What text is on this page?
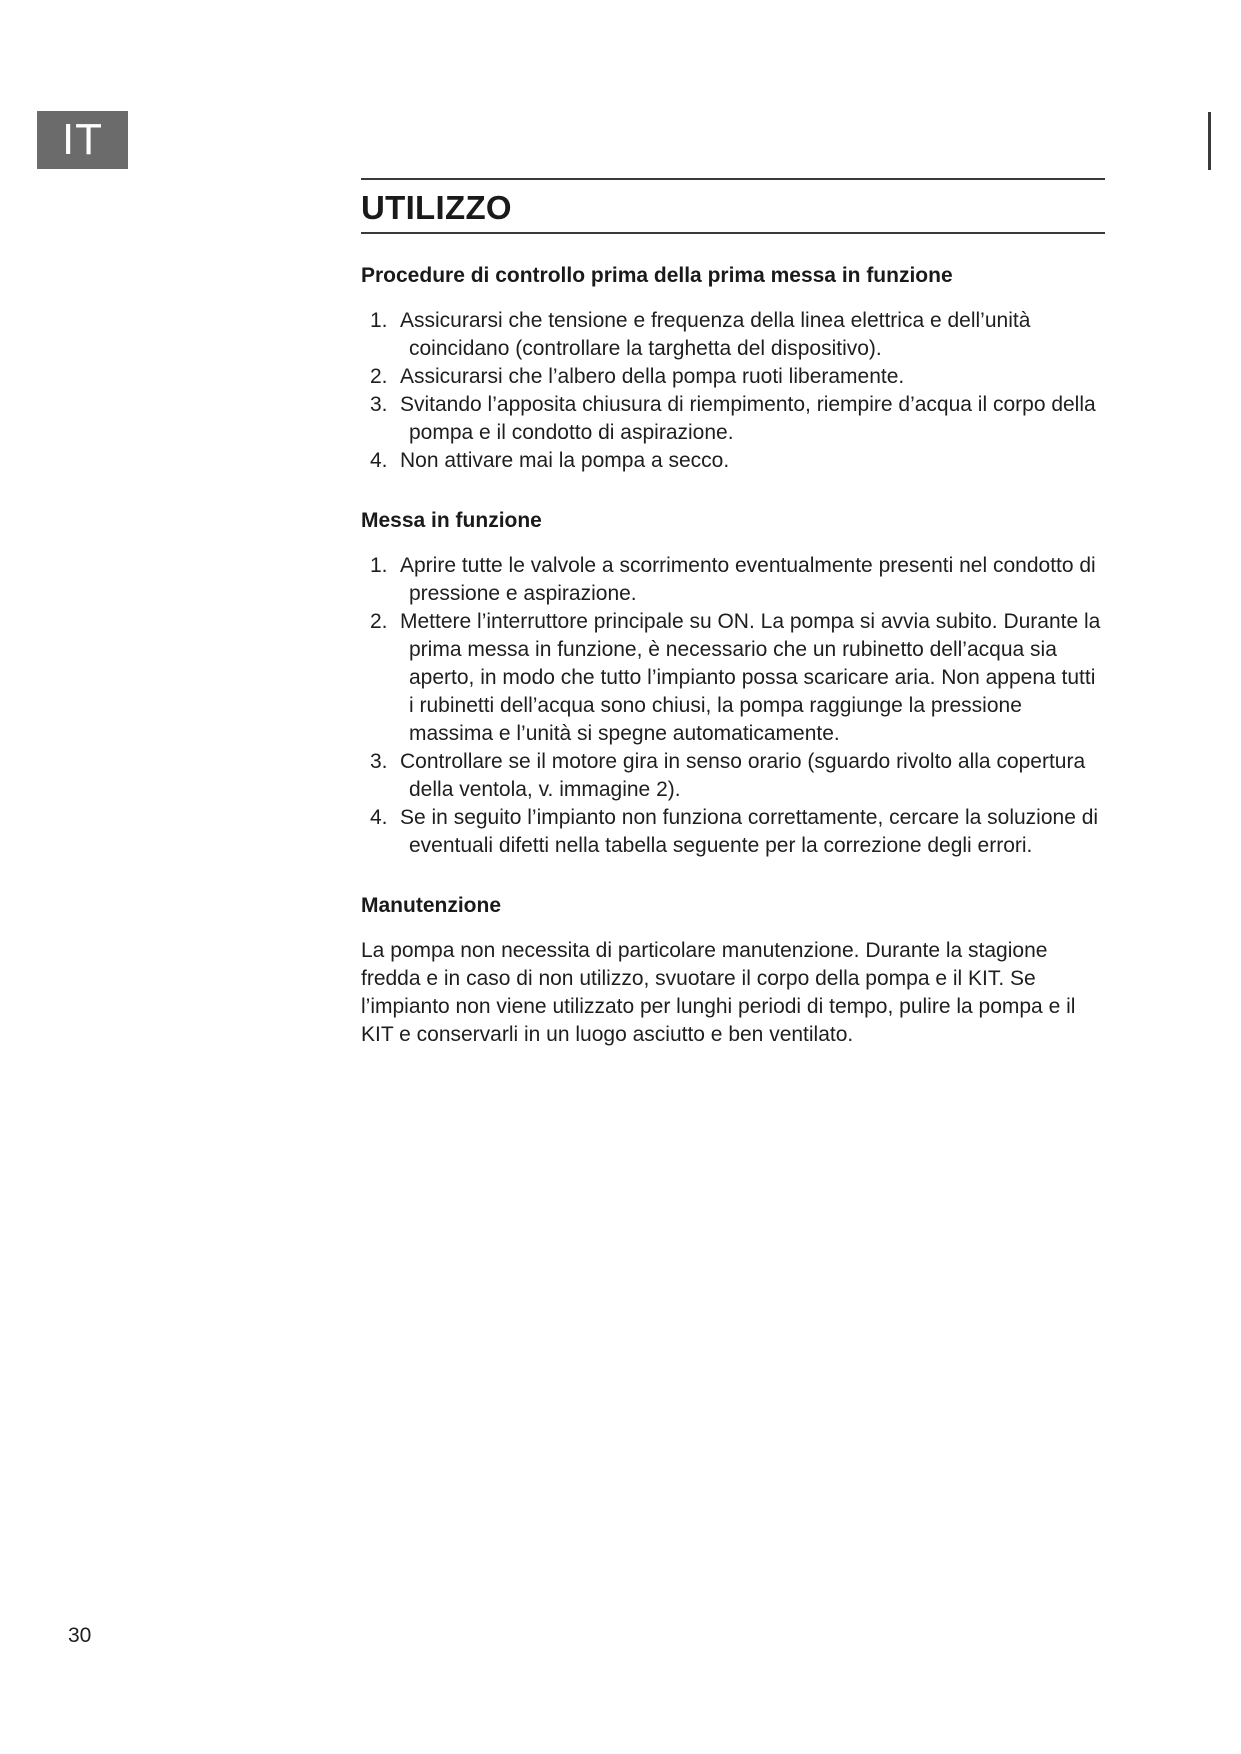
IT
UTILIZZO
Procedure di controllo prima della prima messa in funzione
1. Assicurarsi che tensione e frequenza della linea elettrica e dell’unità coincidano (controllare la targhetta del dispositivo).
2. Assicurarsi che l’albero della pompa ruoti liberamente.
3. Svitando l’apposita chiusura di riempimento, riempire d’acqua il corpo della pompa e il condotto di aspirazione.
4. Non attivare mai la pompa a secco.
Messa in funzione
1. Aprire tutte le valvole a scorrimento eventualmente presenti nel condotto di pressione e aspirazione.
2. Mettere l’interruttore principale su ON. La pompa si avvia subito. Durante la prima messa in funzione, è necessario che un rubinetto dell’acqua sia aperto, in modo che tutto l’impianto possa scaricare aria. Non appena tutti i rubinetti dell’acqua sono chiusi, la pompa raggiunge la pressione massima e l’unità si spegne automaticamente.
3. Controllare se il motore gira in senso orario (sguardo rivolto alla copertura della ventola, v. immagine 2).
4. Se in seguito l’impianto non funziona correttamente, cercare la soluzione di eventuali difetti nella tabella seguente per la correzione degli errori.
Manutenzione

La pompa non necessita di particolare manutenzione. Durante la stagione fredda e in caso di non utilizzo, svuotare il corpo della pompa e il KIT. Se l’impianto non viene utilizzato per lunghi periodi di tempo, pulire la pompa e il KIT e conservarli in un luogo asciutto e ben ventilato.

30
